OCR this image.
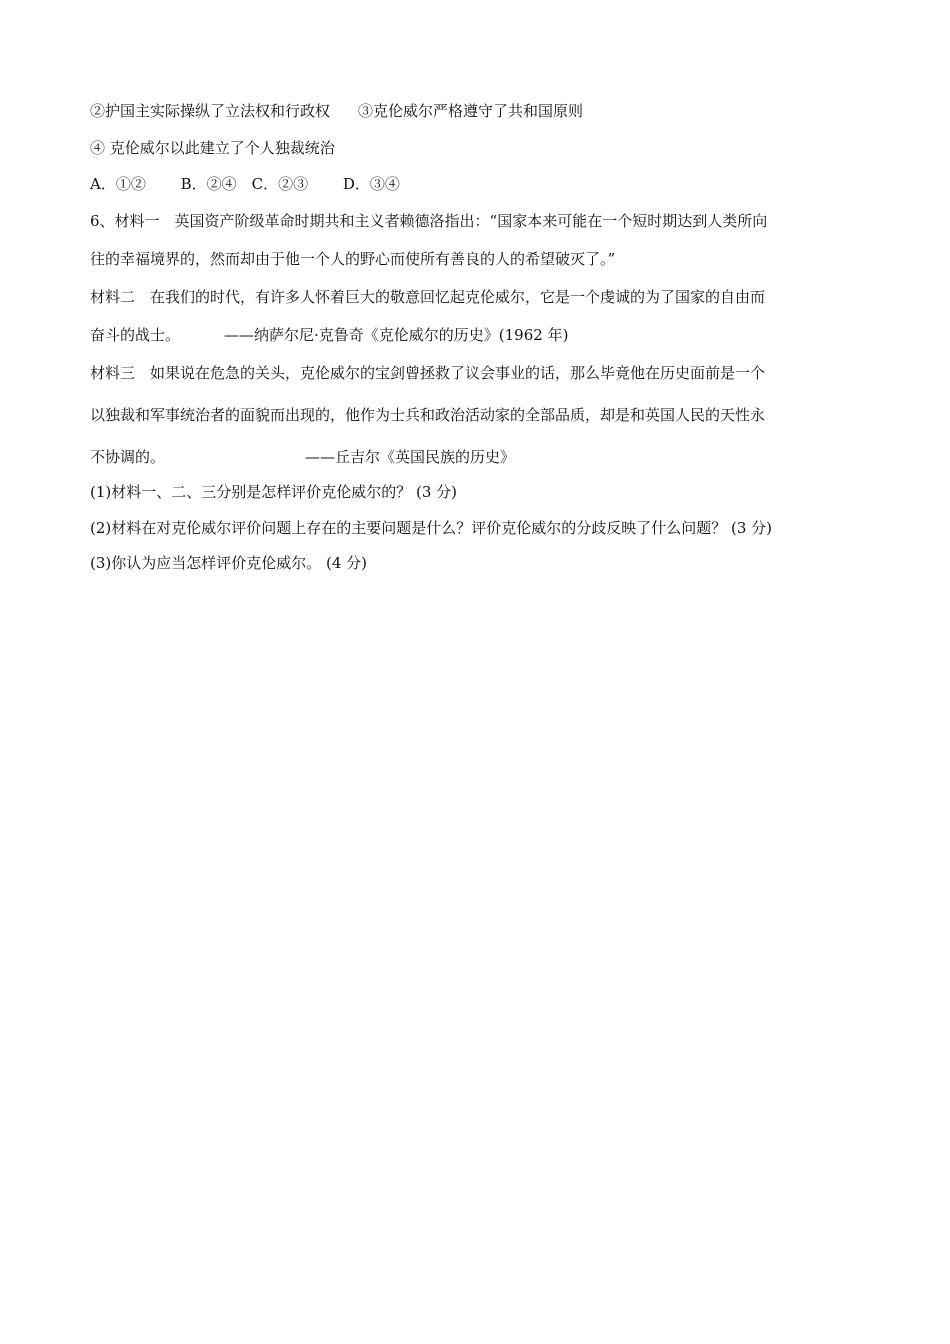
②护国主实际操纵了立法权和行政权 ③克伦威尔严格遵守了共和国原则
④ 克伦威尔以此建立了个人独裁统治
A．①②　　 B．②④　C．②③　　 D．③④
6、材料一　英国资产阶级革命时期共和主义者赖德洛指出：“国家本来可能在一个短时期达到人类所向
往的幸福境界的，然而却由于他一个人的野心而使所有善良的人的希望破灭了。”
材料二　在我们的时代，有许多人怀着巨大的敬意回忆起克伦威尔，它是一个虔诚的为了国家的自由而
奋斗的战士。	——纳萨尔尼·克鲁奇《克伦威尔的历史》(1962 年)
材料三　如果说在危急的关头，克伦威尔的宝剑曾拯救了议会事业的话，那么毕竟他在历史面前是一个
以独裁和军事统治者的面貌而出现的，他作为士兵和政治活动家的全部品质，却是和英国人民的天性永
不协调的。	——丘吉尔《英国民族的历史》
(1)材料一、二、三分别是怎样评价克伦威尔的？ (3 分)
(2)材料在对克伦威尔评价问题上存在的主要问题是什么？评价克伦威尔的分歧反映了什么问题？ (3 分)
(3)你认为应当怎样评价克伦威尔。 (4 分)
